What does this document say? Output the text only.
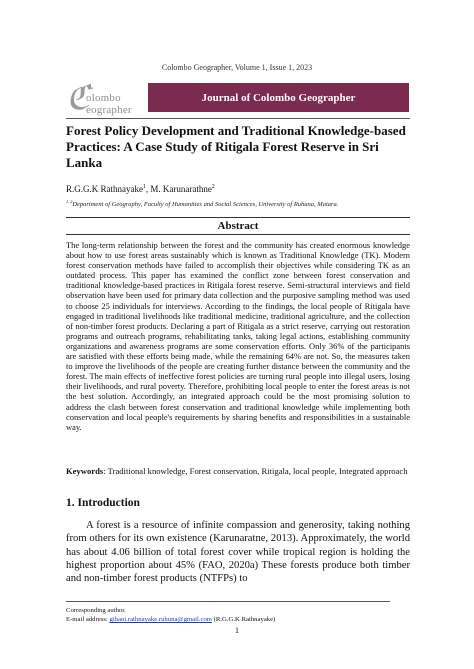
Colombo Geographer, Volume 1, Issue 1, 2023
ℭ
olombo
eographer
Journal of Colombo Geographer
Forest Policy Development and Traditional Knowledge-based Practices: A Case Study of Ritigala Forest Reserve in Sri Lanka
R.G.G.K Rathnayake$^1$, M. Karunarathne$^2$
$^{1, 2}$Department of Geography, Faculty of Humanities and Social Sciences, University of Ruhuna, Matara.
Abstract
The long-term relationship between the forest and the community has created enormous knowledge about how to use forest areas sustainably which is known as Traditional Knowledge (TK). Modern forest conservation methods have failed to accomplish their objectives while considering TK as an outdated process. This paper has examined the conflict zone between forest conservation and traditional knowledge-based practices in Ritigala forest reserve. Semi-structural interviews and field observation have been used for primary data collection and the purposive sampling method was used to choose 25 individuals for interviews. According to the findings, the local people of Ritigala have engaged in traditional livelihoods like traditional medicine, traditional agriculture, and the collection of non-timber forest products. Declaring a part of Ritigala as a strict reserve, carrying out restoration programs and outreach programs, rehabilitating tanks, taking legal actions, establishing community organizations and awareness programs are some conservation efforts. Only 36% of the participants are satisfied with these efforts being made, while the remaining 64% are not. So, the measures taken to improve the livelihoods of the people are creating further distance between the community and the forest. The main effects of ineffective forest policies are turning rural people into illegal users, losing their livelihoods, and rural poverty. Therefore, prohibiting local people to enter the forest areas is not the best solution. Accordingly, an integrated approach could be the most promising solution to address the clash between forest conservation and traditional knowledge while implementing both conservation and local people's requirements by sharing benefits and responsibilities in a sustainable way.
Keywords: Traditional knowledge, Forest conservation, Ritigala, local people, Integrated approach
1. Introduction
A forest is a resource of infinite compassion and generosity, taking nothing from others for its own existence (Karunaratne, 2013). Approximately, the world has about 4.06 billion of total forest cover while tropical region is holding the highest proportion about 45% (FAO, 2020a) These forests produce both timber and non-timber forest products (NTFPs) to
Corresponding author.
E-mail address: gihani.rathnayake.ruhuna@gmail.com (R.G.G.K Rathnayake)
1
